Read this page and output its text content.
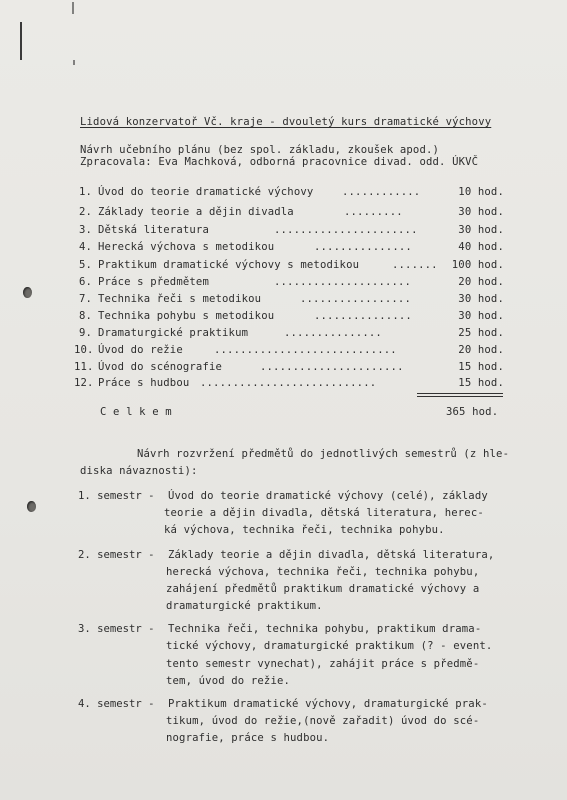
Lidová konzervatoř Vč. kraje - dvouletý kurs dramatické výchovy
Návrh učebního plánu (bez spol. základu, zkoušek apod.)
Zpracovala: Eva Machková, odborná pracovnice divad. odd. ÚKVČ
1. Úvod do teorie dramatické výchovy	............	10 hod.
2. Základy teorie a dějin divadla	.........	30 hod.
3. Dětská literatura	......................	30 hod.
4. Herecká výchova s metodikou	...............	40 hod.
5. Praktikum dramatické výchovy s metodikou	....... 100 hod.
6. Práce s předmětem	.....................	20 hod.
7. Technika řeči s metodikou	.................	30 hod.
8. Technika pohybu s metodikou	...............	30 hod.
9. Dramaturgické praktikum	...............	25 hod.
10. Úvod do režie	............................	20 hod.
11. Úvod do scénografie	......................	15 hod.
12. Práce s hudbou ...........................	15 hod.
C e l k e m	365 hod.
Návrh rozvržení předmětů do jednotlivých semestrů (z hle-
diska návaznosti):
1. semestr - Úvod do teorie dramatické výchovy (celé), základy
teorie a dějin divadla, dětská literatura, herec-
ká výchova, technika řeči, technika pohybu.
2. semestr - Základy teorie a dějin divadla, dětská literatura,
herecká výchova, technika řeči, technika pohybu,
zahájení předmětů praktikum dramatické výchovy a
dramaturgické praktikum.
3. semestr - Technika řeči, technika pohybu, praktikum drama-
tické výchovy, dramaturgické praktikum (? - event.
tento semestr vynechat), zahájit práce s předmě-
tem, úvod do režie.
4. semestr - Praktikum dramatické výchovy, dramaturgické prak-
tikum, úvod do režie,(nově zařadit) úvod do scé-
nografie, práce s hudbou.
